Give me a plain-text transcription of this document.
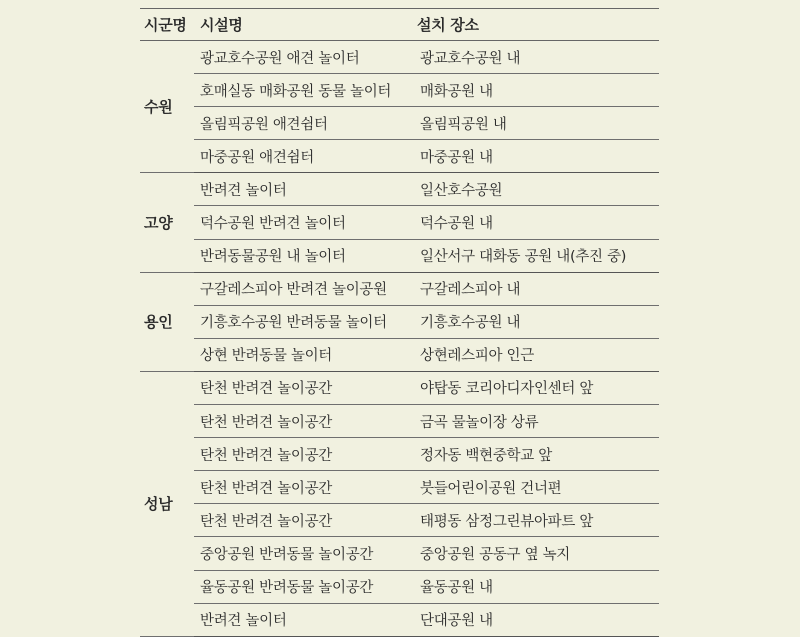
시군명	시설명	설치 장소
수원	광교호수공원 애견 놀이터	광교호수공원 내
	호매실동 매화공원 동물 놀이터	매화공원 내
	올림픽공원 애견쉼터	올림픽공원 내
	마중공원 애견쉼터	마중공원 내
고양	반려견 놀이터	일산호수공원
	덕수공원 반려견 놀이터	덕수공원 내
	반려동물공원 내 놀이터	일산서구 대화동 공원 내(추진 중)
용인	구갈레스피아 반려견 놀이공원	구갈레스피아 내
	기흥호수공원 반려동물 놀이터	기흥호수공원 내
	상현 반려동물 놀이터	상현레스피아 인근
성남	탄천 반려견 놀이공간	야탑동 코리아디자인센터 앞
	탄천 반려견 놀이공간	금곡 물놀이장 상류
	탄천 반려견 놀이공간	정자동 백현중학교 앞
	탄천 반려견 놀이공간	붓들어린이공원 건너편
	탄천 반려견 놀이공간	태평동 삼정그린뷰아파트 앞
	중앙공원 반려동물 놀이공간	중앙공원 공동구 옆 녹지
	율동공원 반려동물 놀이공간	율동공원 내
	반려견 놀이터	단대공원 내
